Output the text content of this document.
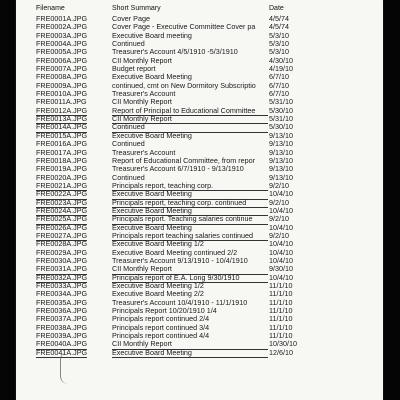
Filename	Short Summary	Date
FRE0001A.JPG	Cover Page	4/5/74
FRE0002A.JPG	Cover Page - Executive Committee Cover pa	4/5/74
FRE0003A.JPG	Executive Board meeting	5/3/10
FRE0004A.JPG	Continued	5/3/10
FRE0005A.JPG	Treasurer's Account 4/5/1910 -5/3/1910	5/3/10
FRE0006A.JPG	CII Monthly Report	4/30/10
FRE0007A.JPG	Budget report	4/19/10
FRE0008A.JPG	Executive Board Meeting	6/7/10
FRE0009A.JPG	continued, cmt on New Dormitory Subscriptio	6/7/10
FRE0010A.JPG	Treasurer's Account	6/7/10
FRE0011A.JPG	CII Monthly Report	5/31/10
FRE0012A.JPG	Report of Principal to Educational Committee	5/30/10
FRE0013A.JPG	CII Monthly Report	5/31/10
FRE0014A.JPG	Continued	5/30/10
FRE0015A.JPG	Executive Board Meeting	9/13/10
FRE0016A.JPG	Continued	9/13/10
FRE0017A.JPG	Treasurer's Account	9/13/10
FRE0018A.JPG	Report of Educational Committee, from repor	9/13/10
FRE0019A.JPG	Treasurer's Account 6/7/1910 - 9/13/1910	9/13/10
FRE0020A.JPG	Continued	9/13/10
FRE0021A.JPG	Principals report, teaching corp.	9/2/10
FRE0022A.JPG	Executive Board Meeting	10/4/10
FRE0023A.JPG	Principals report, teaching corp. continued	9/2/10
FRE0024A.JPG	Executive Board Meeting	10/4/10
FRE0025A.JPG	Principals report. Teaching salaries continue	9/2/10
FRE0026A.JPG	Executive Board Meeting	10/4/10
FRE0027A.JPG	Principals report teaching salaries continued	9/2/10
FRE0028A.JPG	Executive Board Meeting 1/2	10/4/10
FRE0029A.JPG	Executive Board Meeting continued 2/2	10/4/10
FRE0030A.JPG	Treasurer's Account 9/13/1910 - 10/4/1910	10/4/10
FRE0031A.JPG	CII Monthly Report	9/30/10
FRE0032A.JPG	Principals report of E.A. Long 9/30/1910	10/4/10
FRE0033A.JPG	Executive Board Meeting 1/2	11/1/10
FRE0034A.JPG	Executive Board Meeting 2/2	11/1/10
FRE0035A.JPG	Treasurer's Account 10/4/1910 - 11/1/1910	11/1/10
FRE0036A.JPG	Principals Report 10/20/1910 1/4	11/1/10
FRE0037A.JPG	Principals report continued 2/4	11/1/10
FRE0038A.JPG	Principals report continued 3/4	11/1/10
FRE0039A.JPG	Principals report continued 4/4	11/1/10
FRE0040A.JPG	CII Monthly Report	10/30/10
FRE0041A.JPG	Executive Board Meeting	12/6/10
